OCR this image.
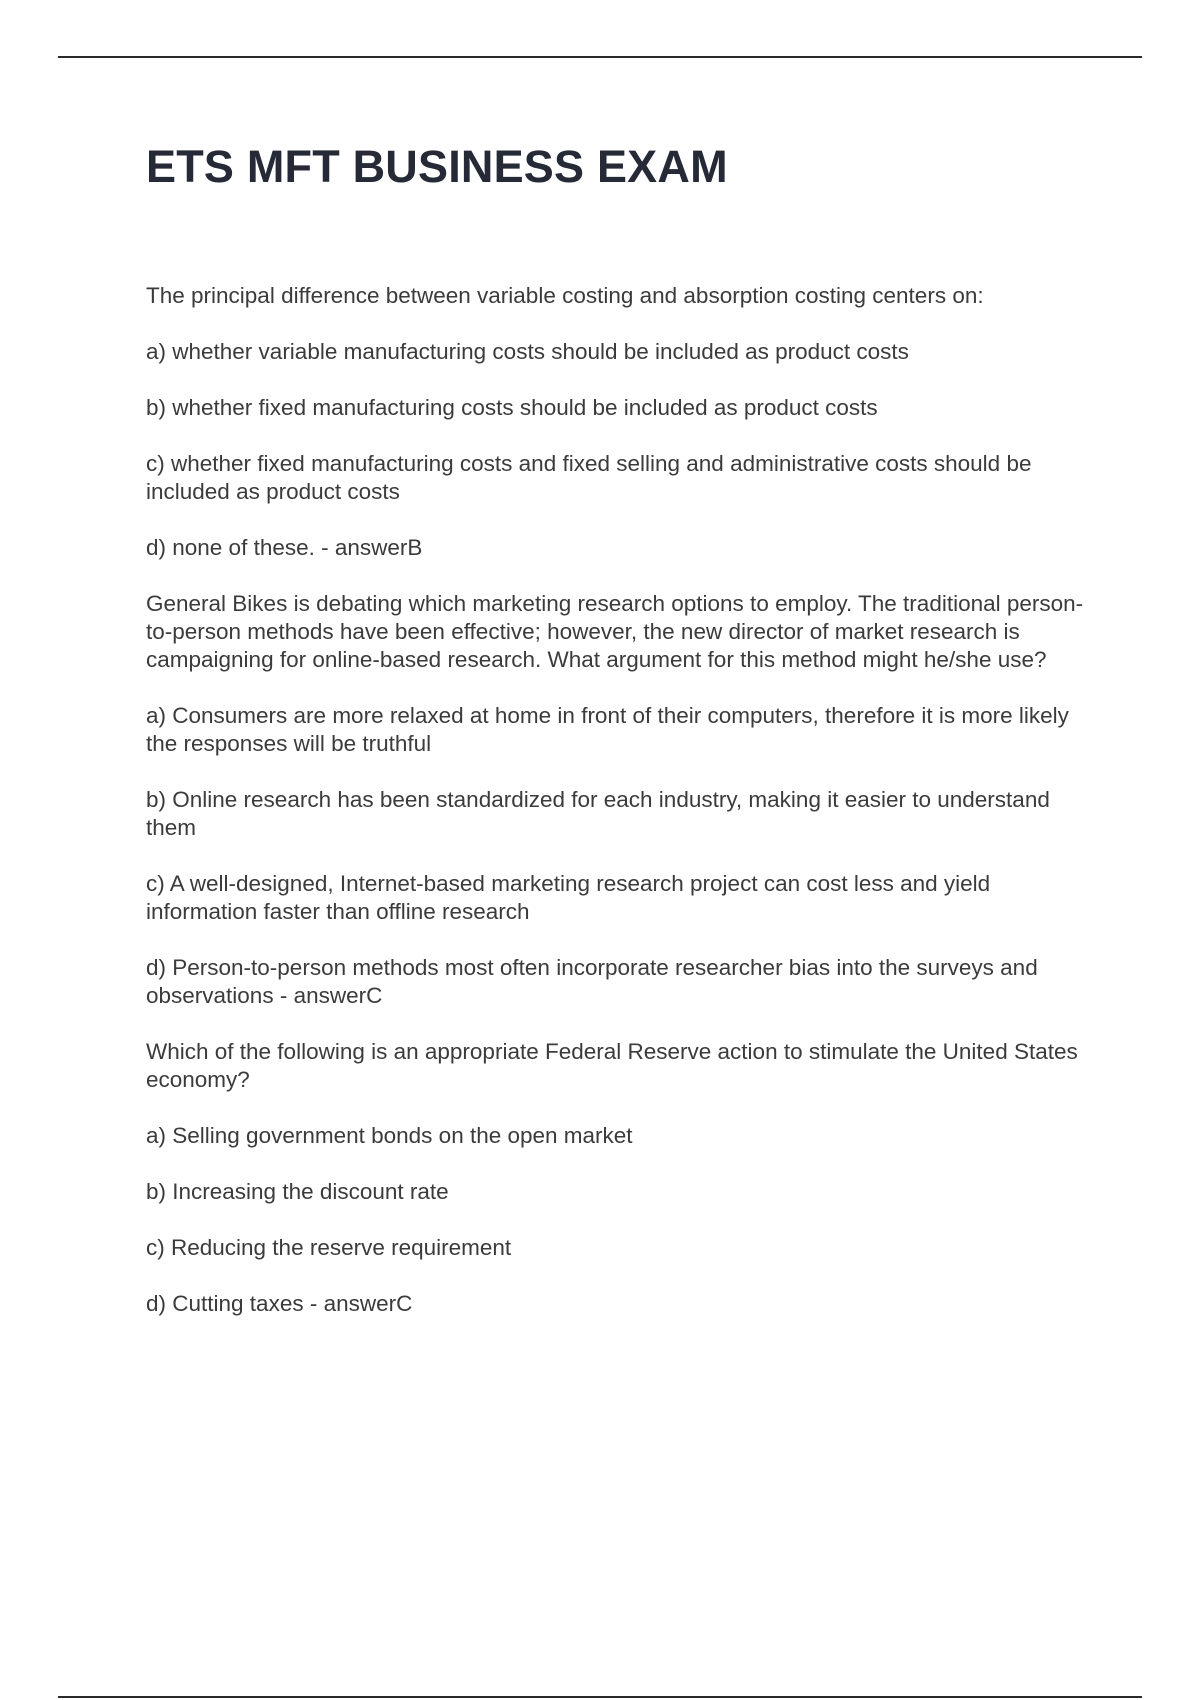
ETS MFT BUSINESS EXAM

The principal difference between variable costing and absorption costing centers on:

a) whether variable manufacturing costs should be included as product costs

b) whether fixed manufacturing costs should be included as product costs

c) whether fixed manufacturing costs and fixed selling and administrative costs should be included as product costs

d) none of these. - answerB

General Bikes is debating which marketing research options to employ. The traditional person-to-person methods have been effective; however, the new director of market research is campaigning for online-based research. What argument for this method might he/she use?

a) Consumers are more relaxed at home in front of their computers, therefore it is more likely the responses will be truthful

b) Online research has been standardized for each industry, making it easier to understand them

c) A well-designed, Internet-based marketing research project can cost less and yield information faster than offline research

d) Person-to-person methods most often incorporate researcher bias into the surveys and observations - answerC

Which of the following is an appropriate Federal Reserve action to stimulate the United States economy?

a) Selling government bonds on the open market

b) Increasing the discount rate

c) Reducing the reserve requirement

d) Cutting taxes - answerC
